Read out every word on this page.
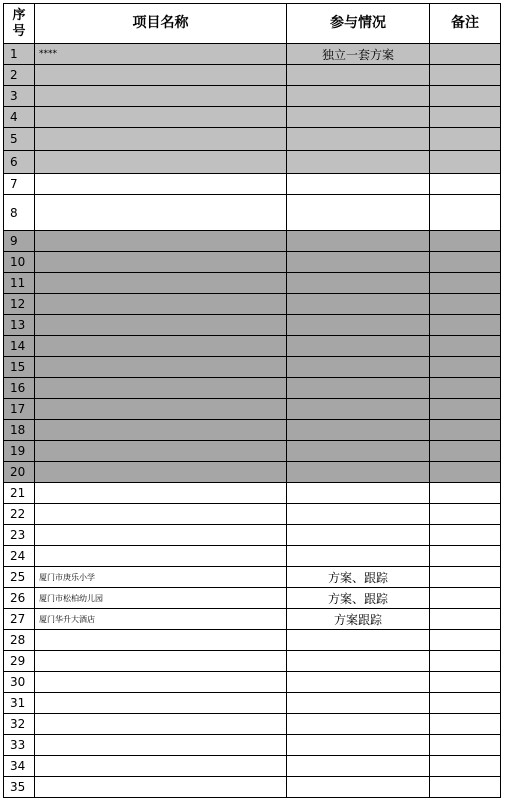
序
号	项目名称	参与情况	备注
1	****	独立一套方案	
2			
3			
4			
5			
6			
7			
8			
9			
10			
11			
12			
13			
14			
15			
16			
17			
18			
19			
20			
21			
22			
23			
24			
25	厦门市庚乐小学	方案、跟踪	
26	厦门市松柏幼儿园	方案、跟踪	
27	厦门华升大酒店	方案跟踪	
28			
29			
30			
31			
32			
33			
34			
35			
